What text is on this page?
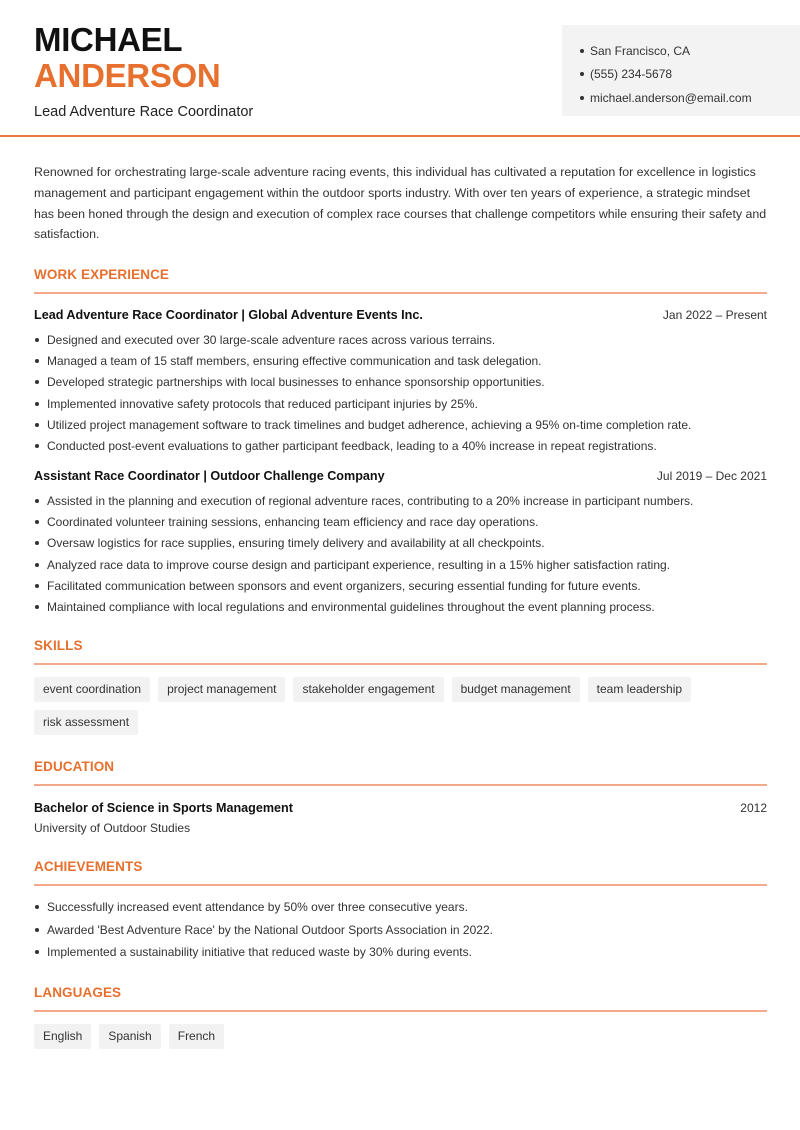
MICHAEL
ANDERSON
Lead Adventure Race Coordinator
San Francisco, CA
(555) 234-5678
michael.anderson@email.com

Renowned for orchestrating large-scale adventure racing events, this individual has cultivated a reputation for excellence in logistics management and participant engagement within the outdoor sports industry. With over ten years of experience, a strategic mindset has been honed through the design and execution of complex race courses that challenge competitors while ensuring their safety and satisfaction.

WORK EXPERIENCE
Lead Adventure Race Coordinator | Global Adventure Events Inc.	Jan 2022 – Present
Designed and executed over 30 large-scale adventure races across various terrains.
Managed a team of 15 staff members, ensuring effective communication and task delegation.
Developed strategic partnerships with local businesses to enhance sponsorship opportunities.
Implemented innovative safety protocols that reduced participant injuries by 25%.
Utilized project management software to track timelines and budget adherence, achieving a 95% on-time completion rate.
Conducted post-event evaluations to gather participant feedback, leading to a 40% increase in repeat registrations.
Assistant Race Coordinator | Outdoor Challenge Company	Jul 2019 – Dec 2021
Assisted in the planning and execution of regional adventure races, contributing to a 20% increase in participant numbers.
Coordinated volunteer training sessions, enhancing team efficiency and race day operations.
Oversaw logistics for race supplies, ensuring timely delivery and availability at all checkpoints.
Analyzed race data to improve course design and participant experience, resulting in a 15% higher satisfaction rating.
Facilitated communication between sponsors and event organizers, securing essential funding for future events.
Maintained compliance with local regulations and environmental guidelines throughout the event planning process.
SKILLS
event coordination	project management	stakeholder engagement	budget management	team leadership
risk assessment
EDUCATION
Bachelor of Science in Sports Management	2012
University of Outdoor Studies
ACHIEVEMENTS
Successfully increased event attendance by 50% over three consecutive years.
Awarded 'Best Adventure Race' by the National Outdoor Sports Association in 2022.
Implemented a sustainability initiative that reduced waste by 30% during events.
LANGUAGES
English	Spanish	French
